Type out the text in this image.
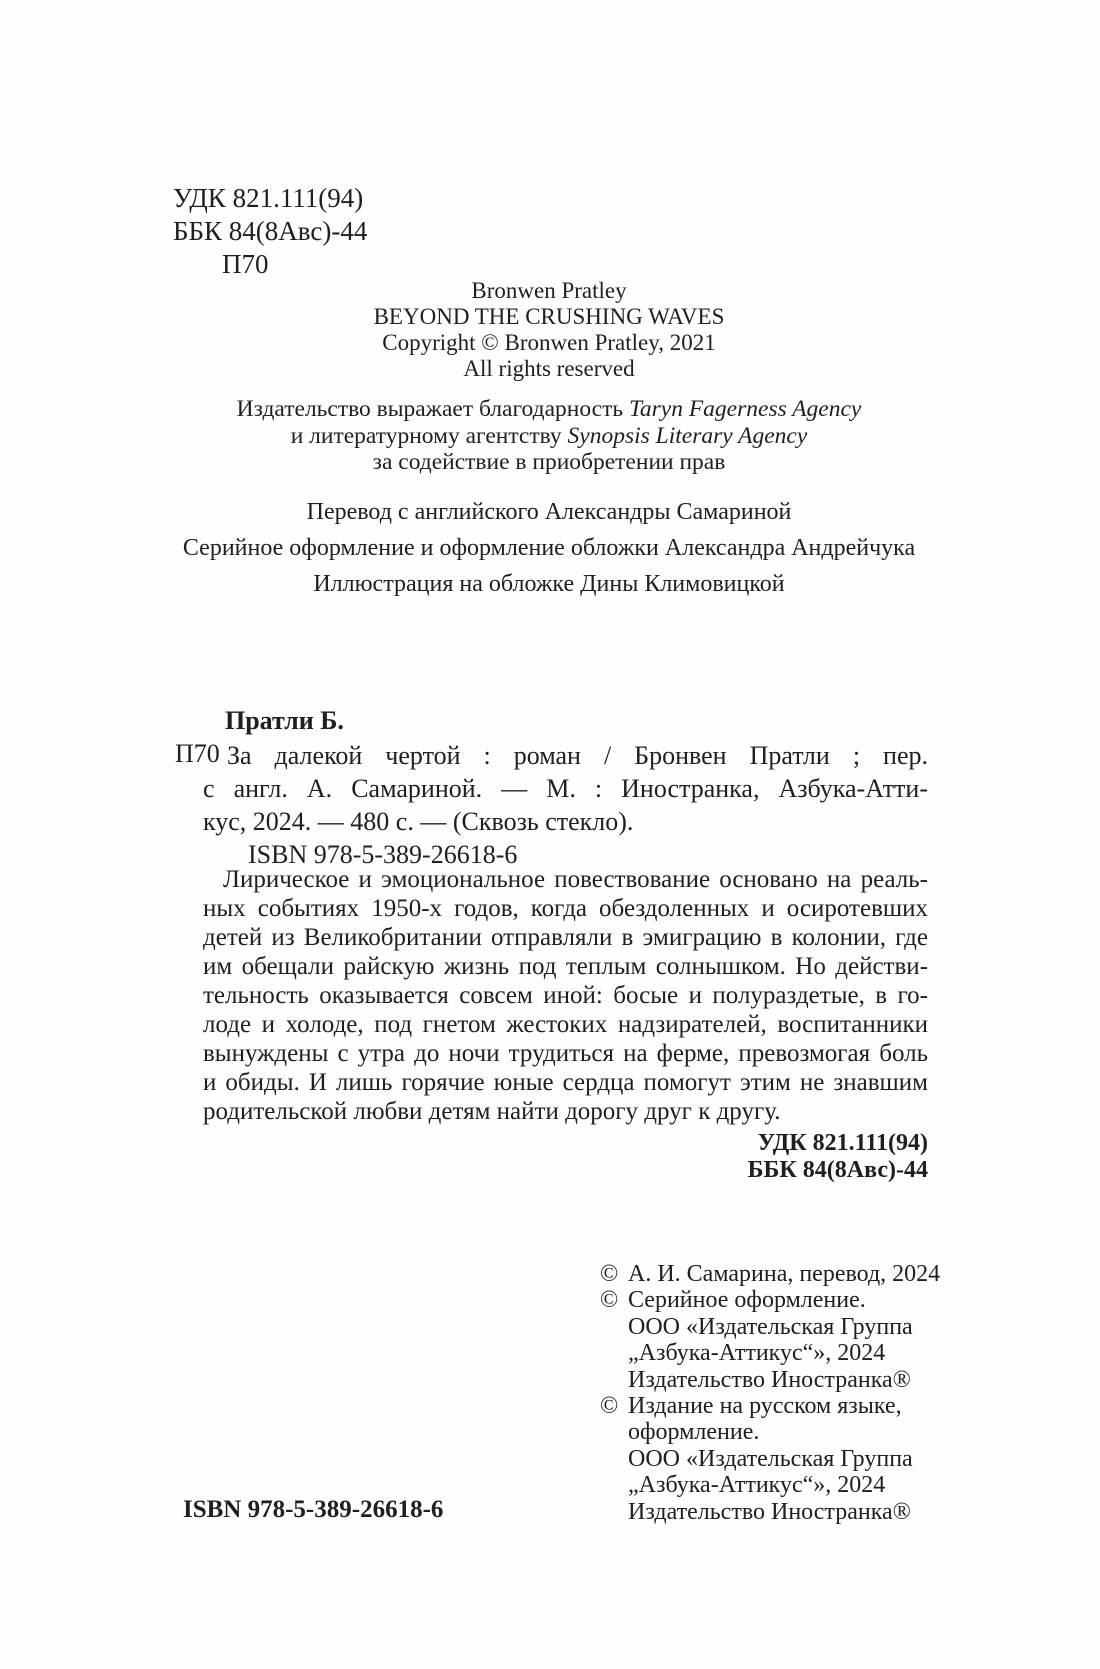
УДК 821.111(94)
ББК 84(8Авс)-44
П70
Bronwen Pratley
BEYOND THE CRUSHING WAVES
Copyright © Bronwen Pratley, 2021
All rights reserved
Издательство выражает благодарность Taryn Fagerness Agency
и литературному агентству Synopsis Literary Agency
за содействие в приобретении прав
Перевод с английского Александры Самариной
Серийное оформление и оформление обложки Александра Андрейчука
Иллюстрация на обложке Дины Климовицкой
Пратли Б.
П70 За далекой чертой : роман / Бронвен Пратли ; пер.
с англ. А. Самариной. — М. : Иностранка, Азбука-Атти-
кус, 2024. — 480 с. — (Сквозь стекло).
ISBN 978-5-389-26618-6
Лирическое и эмоциональное повествование основано на реаль-
ных событиях 1950-х годов, когда обездоленных и осиротевших
детей из Великобритании отправляли в эмиграцию в колонии, где
им обещали райскую жизнь под теплым солнышком. Но действи-
тельность оказывается совсем иной: босые и полураздетые, в го-
лоде и холоде, под гнетом жестоких надзирателей, воспитанники
вынуждены с утра до ночи трудиться на ферме, превозмогая боль
и обиды. И лишь горячие юные сердца помогут этим не знавшим
родительской любви детям найти дорогу друг к другу.
УДК 821.111(94)
ББК 84(8Авс)-44
© А. И. Самарина, перевод, 2024
© Серийное оформление.
ООО «Издательская Группа
„Азбука-Аттикус“», 2024
Издательство Иностранка®
© Издание на русском языке,
оформление.
ООО «Издательская Группа
„Азбука-Аттикус“», 2024
Издательство Иностранка®
ISBN 978-5-389-26618-6
